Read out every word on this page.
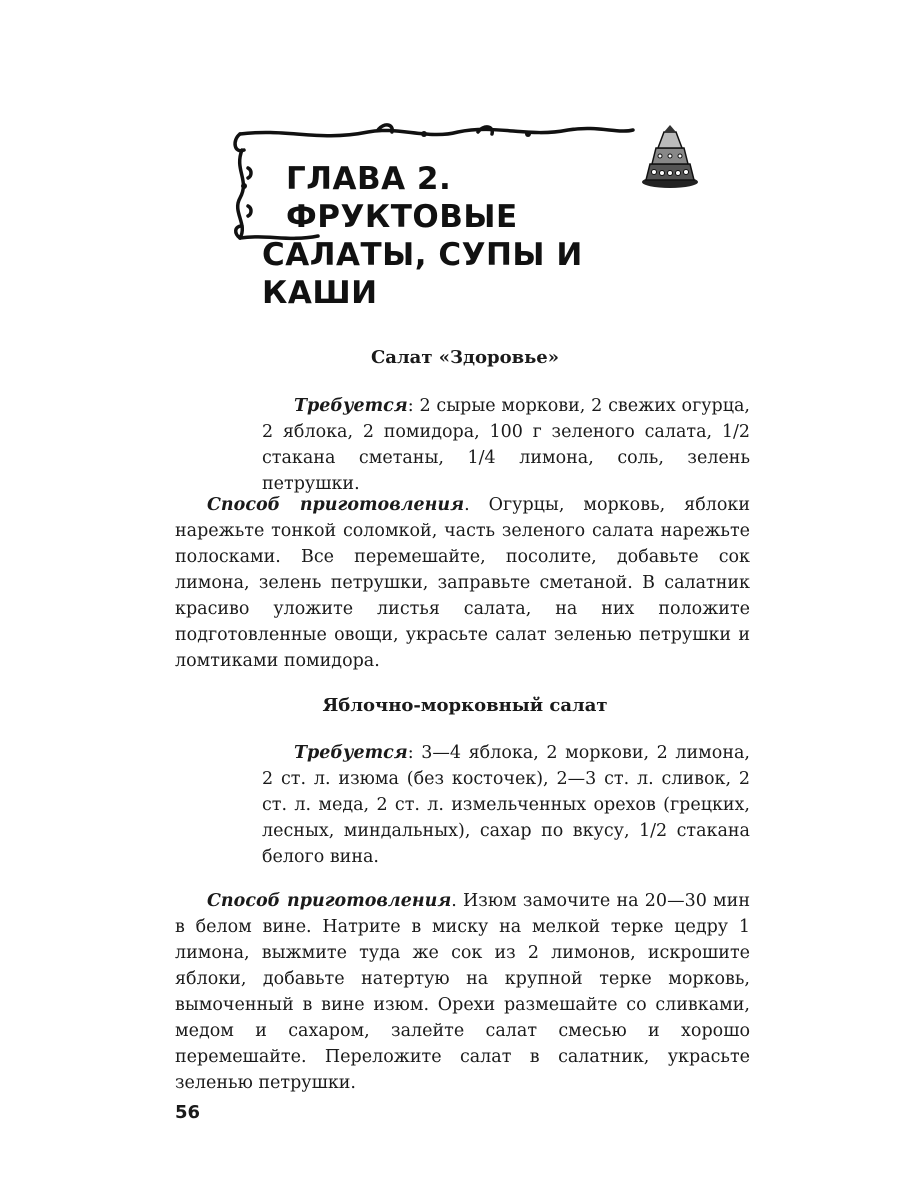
ГЛАВА 2. ФРУКТОВЫЕ
САЛАТЫ, СУПЫ И КАШИ
Салат «Здоровье»

Требуется: 2 сырые моркови, 2 свежих огурца, 2 яблока, 2 помидора, 100 г зеленого салата, 1/2 стакана сметаны, 1/4 лимона, соль, зелень петрушки.

Способ приготовления. Огурцы, морковь, яблоки нарежьте тонкой соломкой, часть зеленого салата нарежьте полосками. Все перемешайте, посолите, добавьте сок лимона, зелень петрушки, заправьте сметаной. В салатник красиво уложите листья салата, на них положите подготовленные овощи, украсьте салат зеленью петрушки и ломтиками помидора.

Яблочно-морковный салат

Требуется: 3—4 яблока, 2 моркови, 2 лимона, 2 ст. л. изюма (без косточек), 2—3 ст. л. сливок, 2 ст. л. меда, 2 ст. л. измельченных орехов (грецких, лесных, миндальных), сахар по вкусу, 1/2 стакана белого вина.

Способ приготовления. Изюм замочите на 20—30 мин в белом вине. Натрите в миску на мелкой терке цедру 1 лимона, выжмите туда же сок из 2 лимонов, искрошите яблоки, добавьте натертую на крупной терке морковь, вымоченный в вине изюм. Орехи размешайте со сливками, медом и сахаром, залейте салат смесью и хорошо перемешайте. Переложите салат в салатник, украсьте зеленью петрушки.

56
